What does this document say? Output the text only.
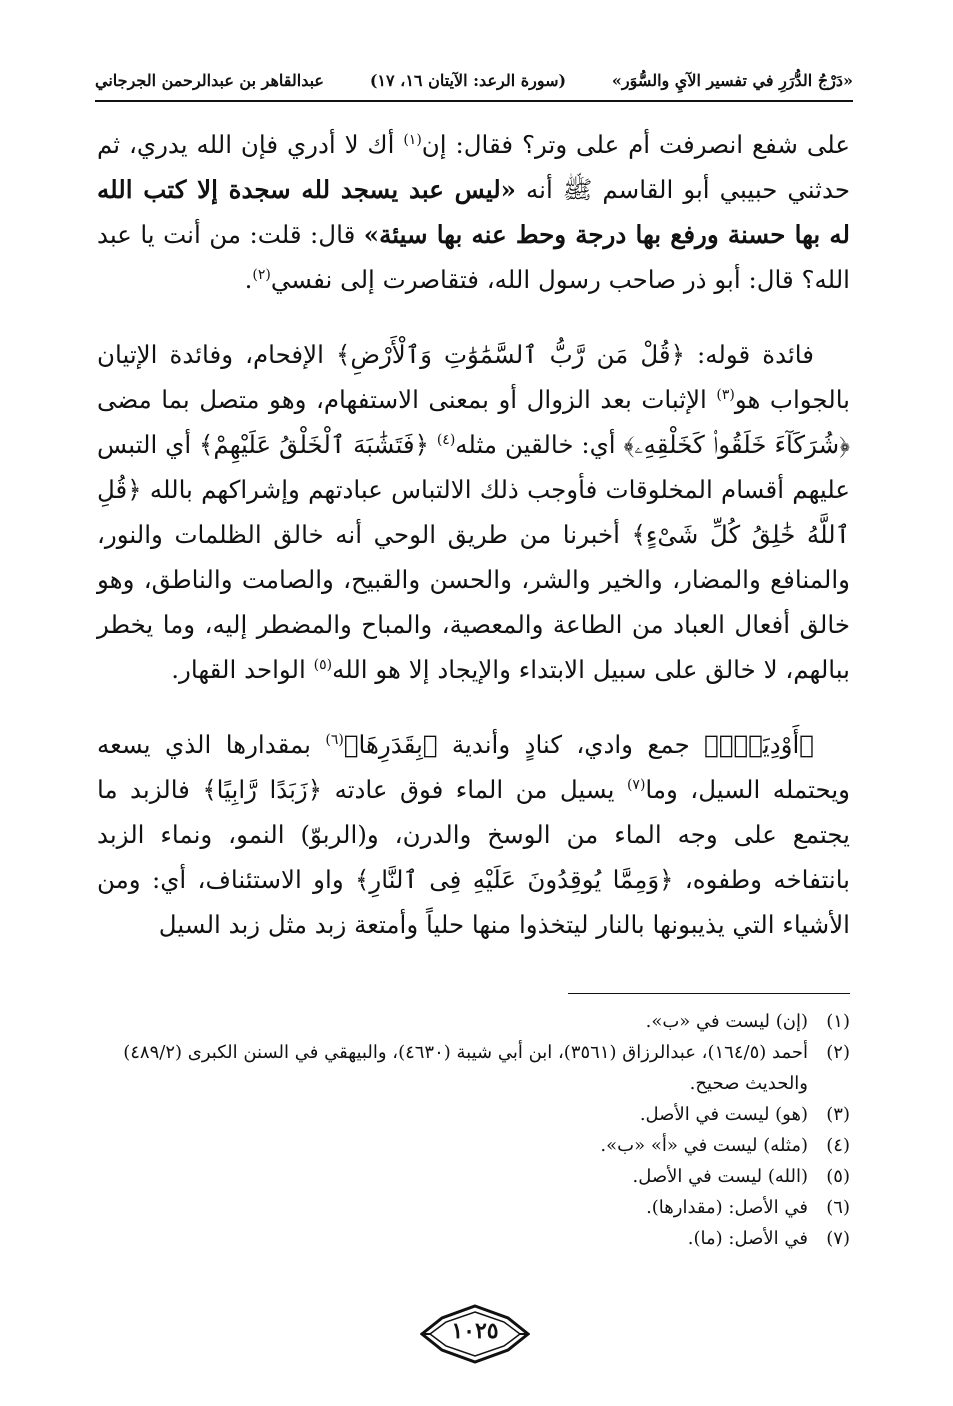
«دَرْجُ الدُّرَرِ في تفسير الآيِ والسُّوَر»
(سورة الرعد: الآيتان ١٦، ١٧)
عبدالقاهر بن عبدالرحمن الجرجاني

على شفع انصرفت أم على وتر؟ فقال: إن$^{(١)}$ أك لا أدري فإن الله يدري، ثم حدثني حبيبي أبو القاسم ﷺ أنه «ليس عبد يسجد لله سجدة إلا كتب الله له بها حسنة ورفع بها درجة وحط عنه بها سيئة» قال: قلت: من أنت يا عبد الله؟ قال: أبو ذر صاحب رسول الله، فتقاصرت إلى نفسي$^{(٢)}$.

فائدة قوله: ﴿قُلْ مَن رَّبُّ ٱلسَّمَٰوَٰتِ وَٱلْأَرْضِ﴾ الإفحام، وفائدة الإتيان بالجواب هو$^{(٣)}$ الإثبات بعد الزوال أو بمعنى الاستفهام، وهو متصل بما مضى ﴿شُرَكَآءَ خَلَقُوا۟ كَخَلْقِهِۦ﴾ أي: خالقين مثله$^{(٤)}$ ﴿فَتَشَٰبَهَ ٱلْخَلْقُ عَلَيْهِمْ﴾ أي التبس عليهم أقسام المخلوقات فأوجب ذلك الالتباس عبادتهم وإشراكهم بالله ﴿قُلِ ٱللَّهُ خَٰلِقُ كُلِّ شَىْءٍ﴾ أخبرنا من طريق الوحي أنه خالق الظلمات والنور، والمنافع والمضار، والخير والشر، والحسن والقبيح، والصامت والناطق، وهو خالق أفعال العباد من الطاعة والمعصية، والمباح والمضطر إليه، وما يخطر ببالهم، لا خالق على سبيل الابتداء والإيجاد إلا هو الله$^{(٥)}$ الواحد القهار.

﴿أَوْدِيَةٌۢ﴾ جمع وادي، كنادٍ وأندية ﴿بِقَدَرِهَا﴾$^{(٦)}$ بمقدارها الذي يسعه ويحتمله السيل، وما$^{(٧)}$ يسيل من الماء فوق عادته ﴿زَبَدًا رَّابِيًا﴾ فالزبد ما يجتمع على وجه الماء من الوسخ والدرن، و(الربوّ) النمو، ونماء الزبد بانتفاخه وطفوه، ﴿وَمِمَّا يُوقِدُونَ عَلَيْهِ فِى ٱلنَّارِ﴾ واو الاستئناف، أي: ومن الأشياء التي يذيبونها بالنار ليتخذوا منها حلياً وأمتعة زبد مثل زبد السيل

(١)
(إن) ليست في «ب».
(٢)
أحمد (١٦٤/٥)، عبدالرزاق (٣٥٦١)، ابن أبي شيبة (٤٦٣٠)، والبيهقي في السنن الكبرى (٤٨٩/٢) والحديث صحيح.
(٣)
(هو) ليست في الأصل.
(٤)
(مثله) ليست في «أ» «ب».
(٥)
(الله) ليست في الأصل.
(٦)
في الأصل: (مقدارها).
(٧)
في الأصل: (ما).
١٠٢٥
